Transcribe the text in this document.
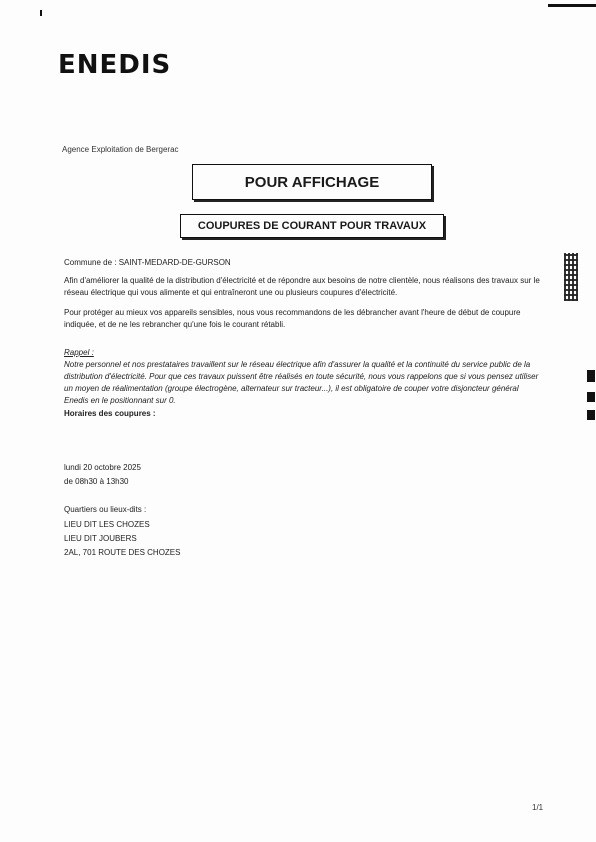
ENEDIS
Agence Exploitation de Bergerac
POUR AFFICHAGE
COUPURES DE COURANT POUR TRAVAUX
Commune de : SAINT-MEDARD-DE-GURSON
Afin d'améliorer la qualité de la distribution d'électricité et de répondre aux besoins de notre clientèle, nous réalisons des travaux sur le réseau électrique qui vous alimente et qui entraîneront une ou plusieurs coupures d'électricité.
Pour protéger au mieux vos appareils sensibles, nous vous recommandons de les débrancher avant l'heure de début de coupure indiquée, et de ne les rebrancher qu'une fois le courant rétabli.
Rappel :
Notre personnel et nos prestataires travaillent sur le réseau électrique afin d'assurer la qualité et la continuité du service public de la distribution d'électricité. Pour que ces travaux puissent être réalisés en toute sécurité, nous vous rappelons que si vous pensez utiliser un moyen de réalimentation (groupe électrogène, alternateur sur tracteur...), il est obligatoire de couper votre disjoncteur général Enedis en le positionnant sur 0.
Horaires des coupures :
lundi 20 octobre 2025
de 08h30 à 13h30
Quartiers ou lieux-dits :
LIEU DIT LES CHOZES
LIEU DIT JOUBERS
2AL, 701 ROUTE DES CHOZES
1/1
